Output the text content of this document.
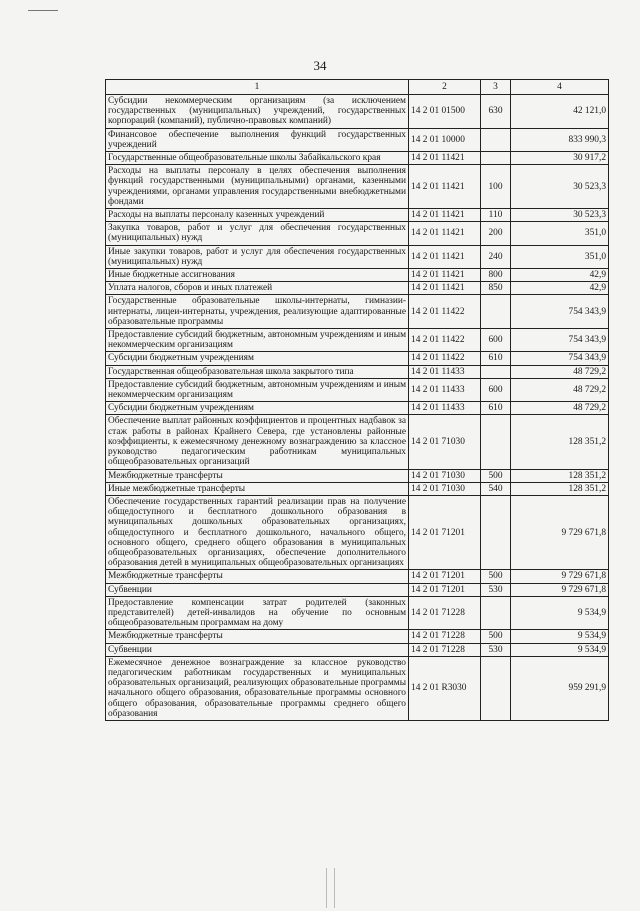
34
1	2	3	4
Субсидии некоммерческим организациям (за исключением государственных (муниципальных) учреждений, государственных корпораций (компаний), публично-правовых компаний)	14 2 01 01500	630	42 121,0
Финансовое обеспечение выполнения функций государственных учреждений	14 2 01 10000		833 990,3
Государственные общеобразовательные школы Забайкальского края	14 2 01 11421		30 917,2
Расходы на выплаты персоналу в целях обеспечения выполнения функций государственными (муниципальными) органами, казенными учреждениями, органами управления государственными внебюджетными фондами	14 2 01 11421	100	30 523,3
Расходы на выплаты персоналу казенных учреждений	14 2 01 11421	110	30 523,3
Закупка товаров, работ и услуг для обеспечения государственных (муниципальных) нужд	14 2 01 11421	200	351,0
Иные закупки товаров, работ и услуг для обеспечения государственных (муниципальных) нужд	14 2 01 11421	240	351,0
Иные бюджетные ассигнования	14 2 01 11421	800	42,9
Уплата налогов, сборов и иных платежей	14 2 01 11421	850	42,9
Государственные образовательные школы-интернаты, гимназии-интернаты, лицеи-интернаты, учреждения, реализующие адаптированные образовательные программы	14 2 01 11422		754 343,9
Предоставление субсидий бюджетным, автономным учреждениям и иным некоммерческим организациям	14 2 01 11422	600	754 343,9
Субсидии бюджетным учреждениям	14 2 01 11422	610	754 343,9
Государственная общеобразовательная школа закрытого типа	14 2 01 11433		48 729,2
Предоставление субсидий бюджетным, автономным учреждениям и иным некоммерческим организациям	14 2 01 11433	600	48 729,2
Субсидии бюджетным учреждениям	14 2 01 11433	610	48 729,2
Обеспечение выплат районных коэффициентов и процентных надбавок за стаж работы в районах Крайнего Севера, где установлены районные коэффициенты, к ежемесячному денежному вознаграждению за классное руководство педагогическим работникам муниципальных общеобразовательных организаций	14 2 01 71030		128 351,2
Межбюджетные трансферты	14 2 01 71030	500	128 351,2
Иные межбюджетные трансферты	14 2 01 71030	540	128 351,2
Обеспечение государственных гарантий реализации прав на получение общедоступного и бесплатного дошкольного образования в муниципальных дошкольных образовательных организациях, общедоступного и бесплатного дошкольного, начального общего, основного общего, среднего общего образования в муниципальных общеобразовательных организациях, обеспечение дополнительного образования детей в муниципальных общеобразовательных организациях	14 2 01 71201		9 729 671,8
Межбюджетные трансферты	14 2 01 71201	500	9 729 671,8
Субвенции	14 2 01 71201	530	9 729 671,8
Предоставление компенсации затрат родителей (законных представителей) детей-инвалидов на обучение по основным общеобразовательным программам на дому	14 2 01 71228		9 534,9
Межбюджетные трансферты	14 2 01 71228	500	9 534,9
Субвенции	14 2 01 71228	530	9 534,9
Ежемесячное денежное вознаграждение за классное руководство педагогическим работникам государственных и муниципальных образовательных организаций, реализующих образовательные программы начального общего образования, образовательные программы основного общего образования, образовательные программы среднего общего образования	14 2 01 R3030		959 291,9
